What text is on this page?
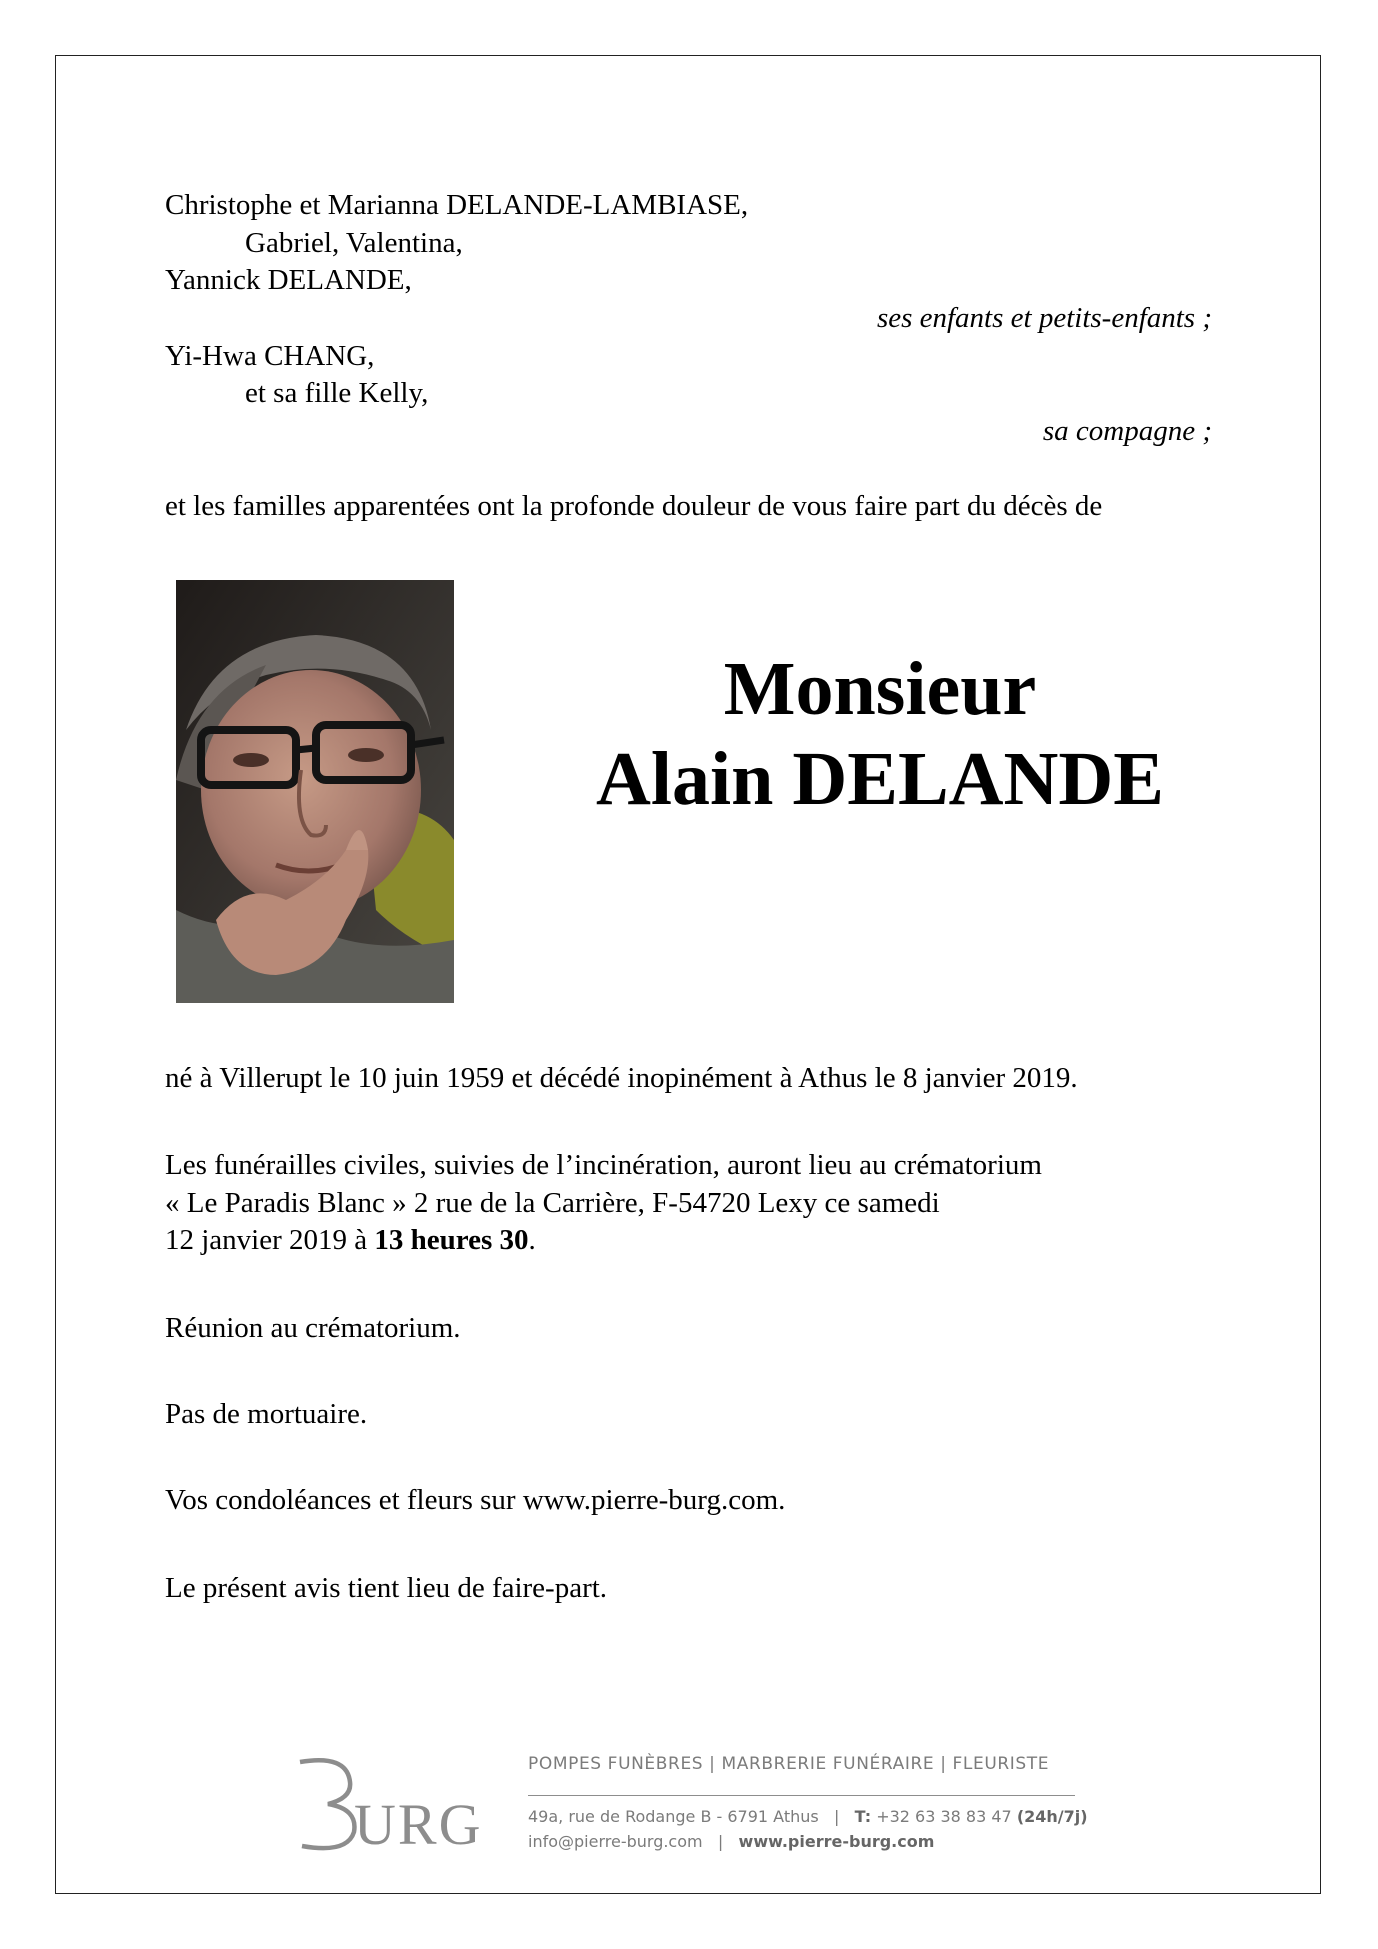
Christophe et Marianna DELANDE-LAMBIASE,
Gabriel, Valentina,
Yannick DELANDE,
ses enfants et petits-enfants ;
Yi-Hwa CHANG,
et sa fille Kelly,
sa compagne ;
et les familles apparentées ont la profonde douleur de vous faire part du décès de
Monsieur
Alain DELANDE
né à Villerupt le 10 juin 1959 et décédé inopinément à Athus le 8 janvier 2019.
Les funérailles civiles, suivies de l’incinération, auront lieu au crématorium
« Le Paradis Blanc » 2 rue de la Carrière, F-54720 Lexy ce samedi
12 janvier 2019 à 13 heures 30.
Réunion au crématorium.
Pas de mortuaire.
Vos condoléances et fleurs sur www.pierre-burg.com.
Le présent avis tient lieu de faire-part.
URG
POMPES FUNÈBRES | MARBRERIE FUNÉRAIRE | FLEURISTE
49a, rue de Rodange B - 6791 Athus   |   T: +32 63 38 83 47 (24h/7j)
info@pierre-burg.com   |   www.pierre-burg.com
